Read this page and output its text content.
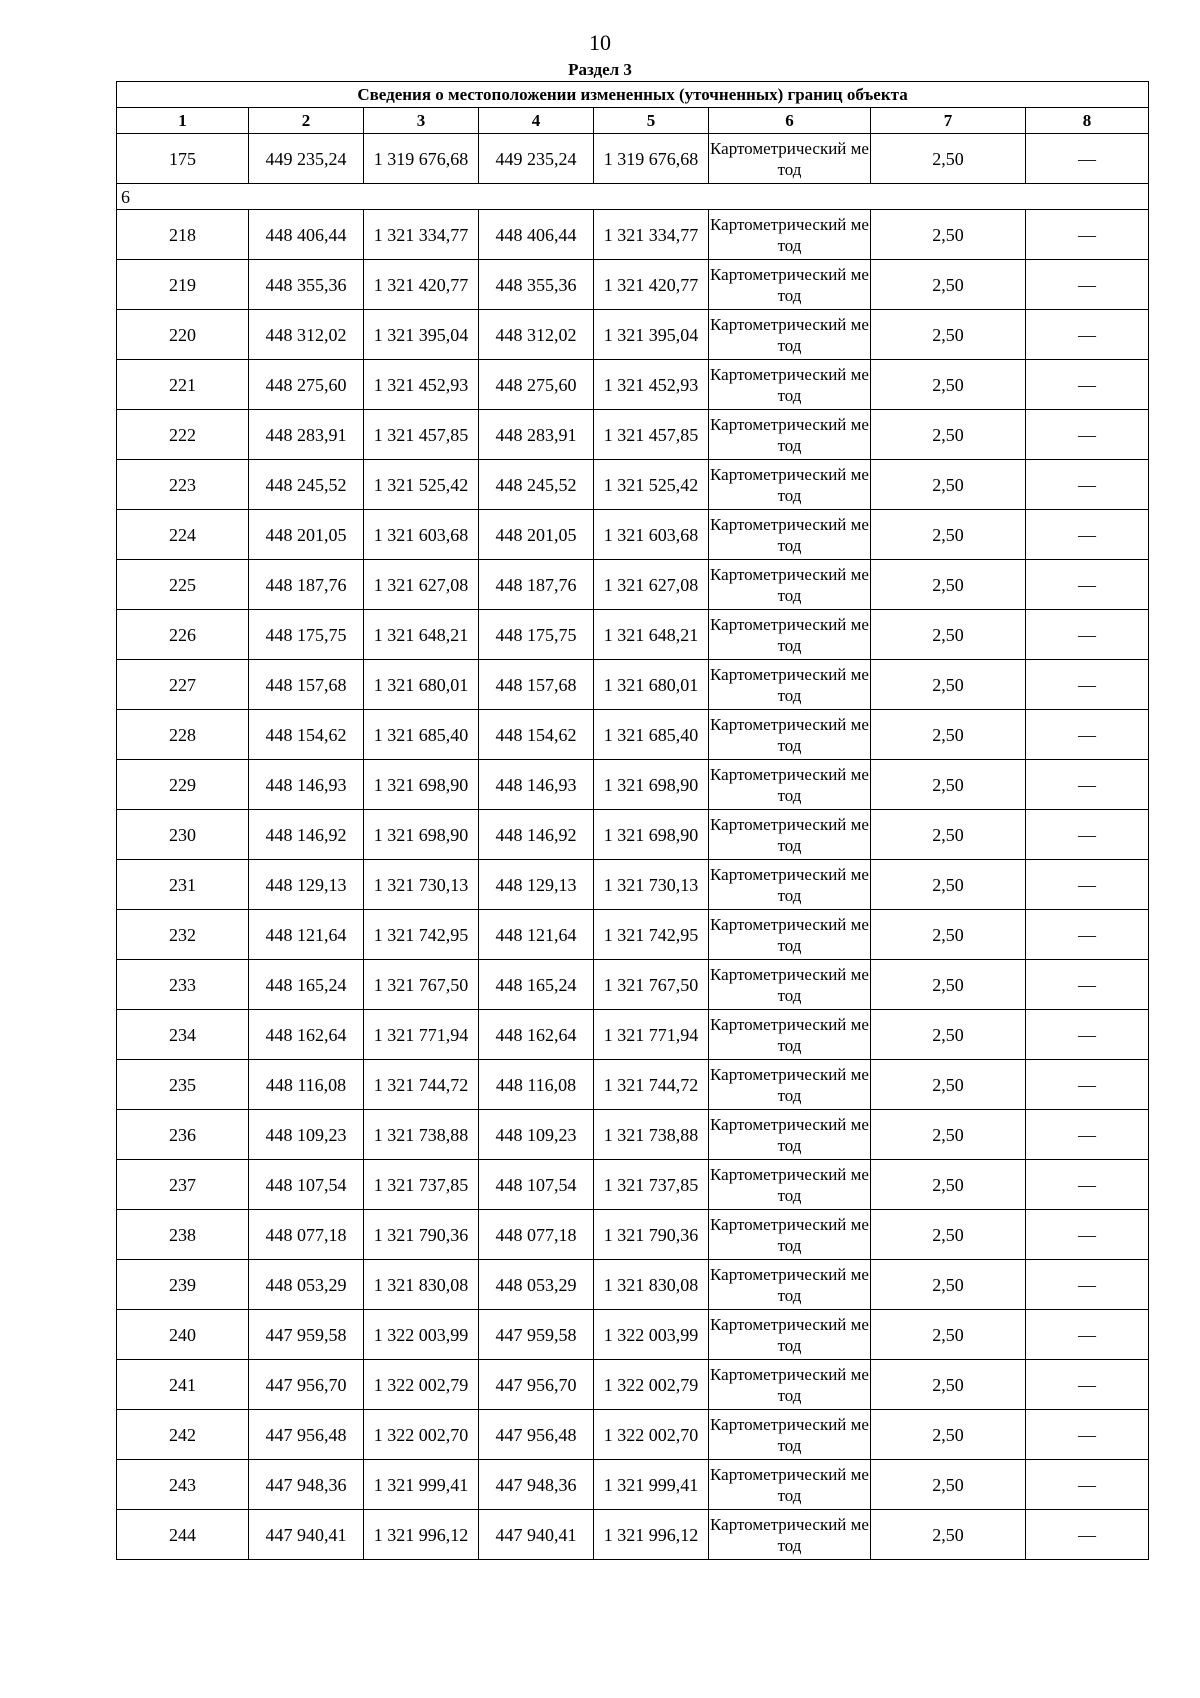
10
Раздел 3
Сведения о местоположении измененных (уточненных) границ объекта							
1	2	3	4	5	6	7	8
175	449 235,24	1 319 676,68	449 235,24	1 319 676,68	Картометрический метод	2,50	—
6							
218	448 406,44	1 321 334,77	448 406,44	1 321 334,77	Картометрический метод	2,50	—
219	448 355,36	1 321 420,77	448 355,36	1 321 420,77	Картометрический метод	2,50	—
220	448 312,02	1 321 395,04	448 312,02	1 321 395,04	Картометрический метод	2,50	—
221	448 275,60	1 321 452,93	448 275,60	1 321 452,93	Картометрический метод	2,50	—
222	448 283,91	1 321 457,85	448 283,91	1 321 457,85	Картометрический метод	2,50	—
223	448 245,52	1 321 525,42	448 245,52	1 321 525,42	Картометрический метод	2,50	—
224	448 201,05	1 321 603,68	448 201,05	1 321 603,68	Картометрический метод	2,50	—
225	448 187,76	1 321 627,08	448 187,76	1 321 627,08	Картометрический метод	2,50	—
226	448 175,75	1 321 648,21	448 175,75	1 321 648,21	Картометрический метод	2,50	—
227	448 157,68	1 321 680,01	448 157,68	1 321 680,01	Картометрический метод	2,50	—
228	448 154,62	1 321 685,40	448 154,62	1 321 685,40	Картометрический метод	2,50	—
229	448 146,93	1 321 698,90	448 146,93	1 321 698,90	Картометрический метод	2,50	—
230	448 146,92	1 321 698,90	448 146,92	1 321 698,90	Картометрический метод	2,50	—
231	448 129,13	1 321 730,13	448 129,13	1 321 730,13	Картометрический метод	2,50	—
232	448 121,64	1 321 742,95	448 121,64	1 321 742,95	Картометрический метод	2,50	—
233	448 165,24	1 321 767,50	448 165,24	1 321 767,50	Картометрический метод	2,50	—
234	448 162,64	1 321 771,94	448 162,64	1 321 771,94	Картометрический метод	2,50	—
235	448 116,08	1 321 744,72	448 116,08	1 321 744,72	Картометрический метод	2,50	—
236	448 109,23	1 321 738,88	448 109,23	1 321 738,88	Картометрический метод	2,50	—
237	448 107,54	1 321 737,85	448 107,54	1 321 737,85	Картометрический метод	2,50	—
238	448 077,18	1 321 790,36	448 077,18	1 321 790,36	Картометрический метод	2,50	—
239	448 053,29	1 321 830,08	448 053,29	1 321 830,08	Картометрический метод	2,50	—
240	447 959,58	1 322 003,99	447 959,58	1 322 003,99	Картометрический метод	2,50	—
241	447 956,70	1 322 002,79	447 956,70	1 322 002,79	Картометрический метод	2,50	—
242	447 956,48	1 322 002,70	447 956,48	1 322 002,70	Картометрический метод	2,50	—
243	447 948,36	1 321 999,41	447 948,36	1 321 999,41	Картометрический метод	2,50	—
244	447 940,41	1 321 996,12	447 940,41	1 321 996,12	Картометрический метод	2,50	—
